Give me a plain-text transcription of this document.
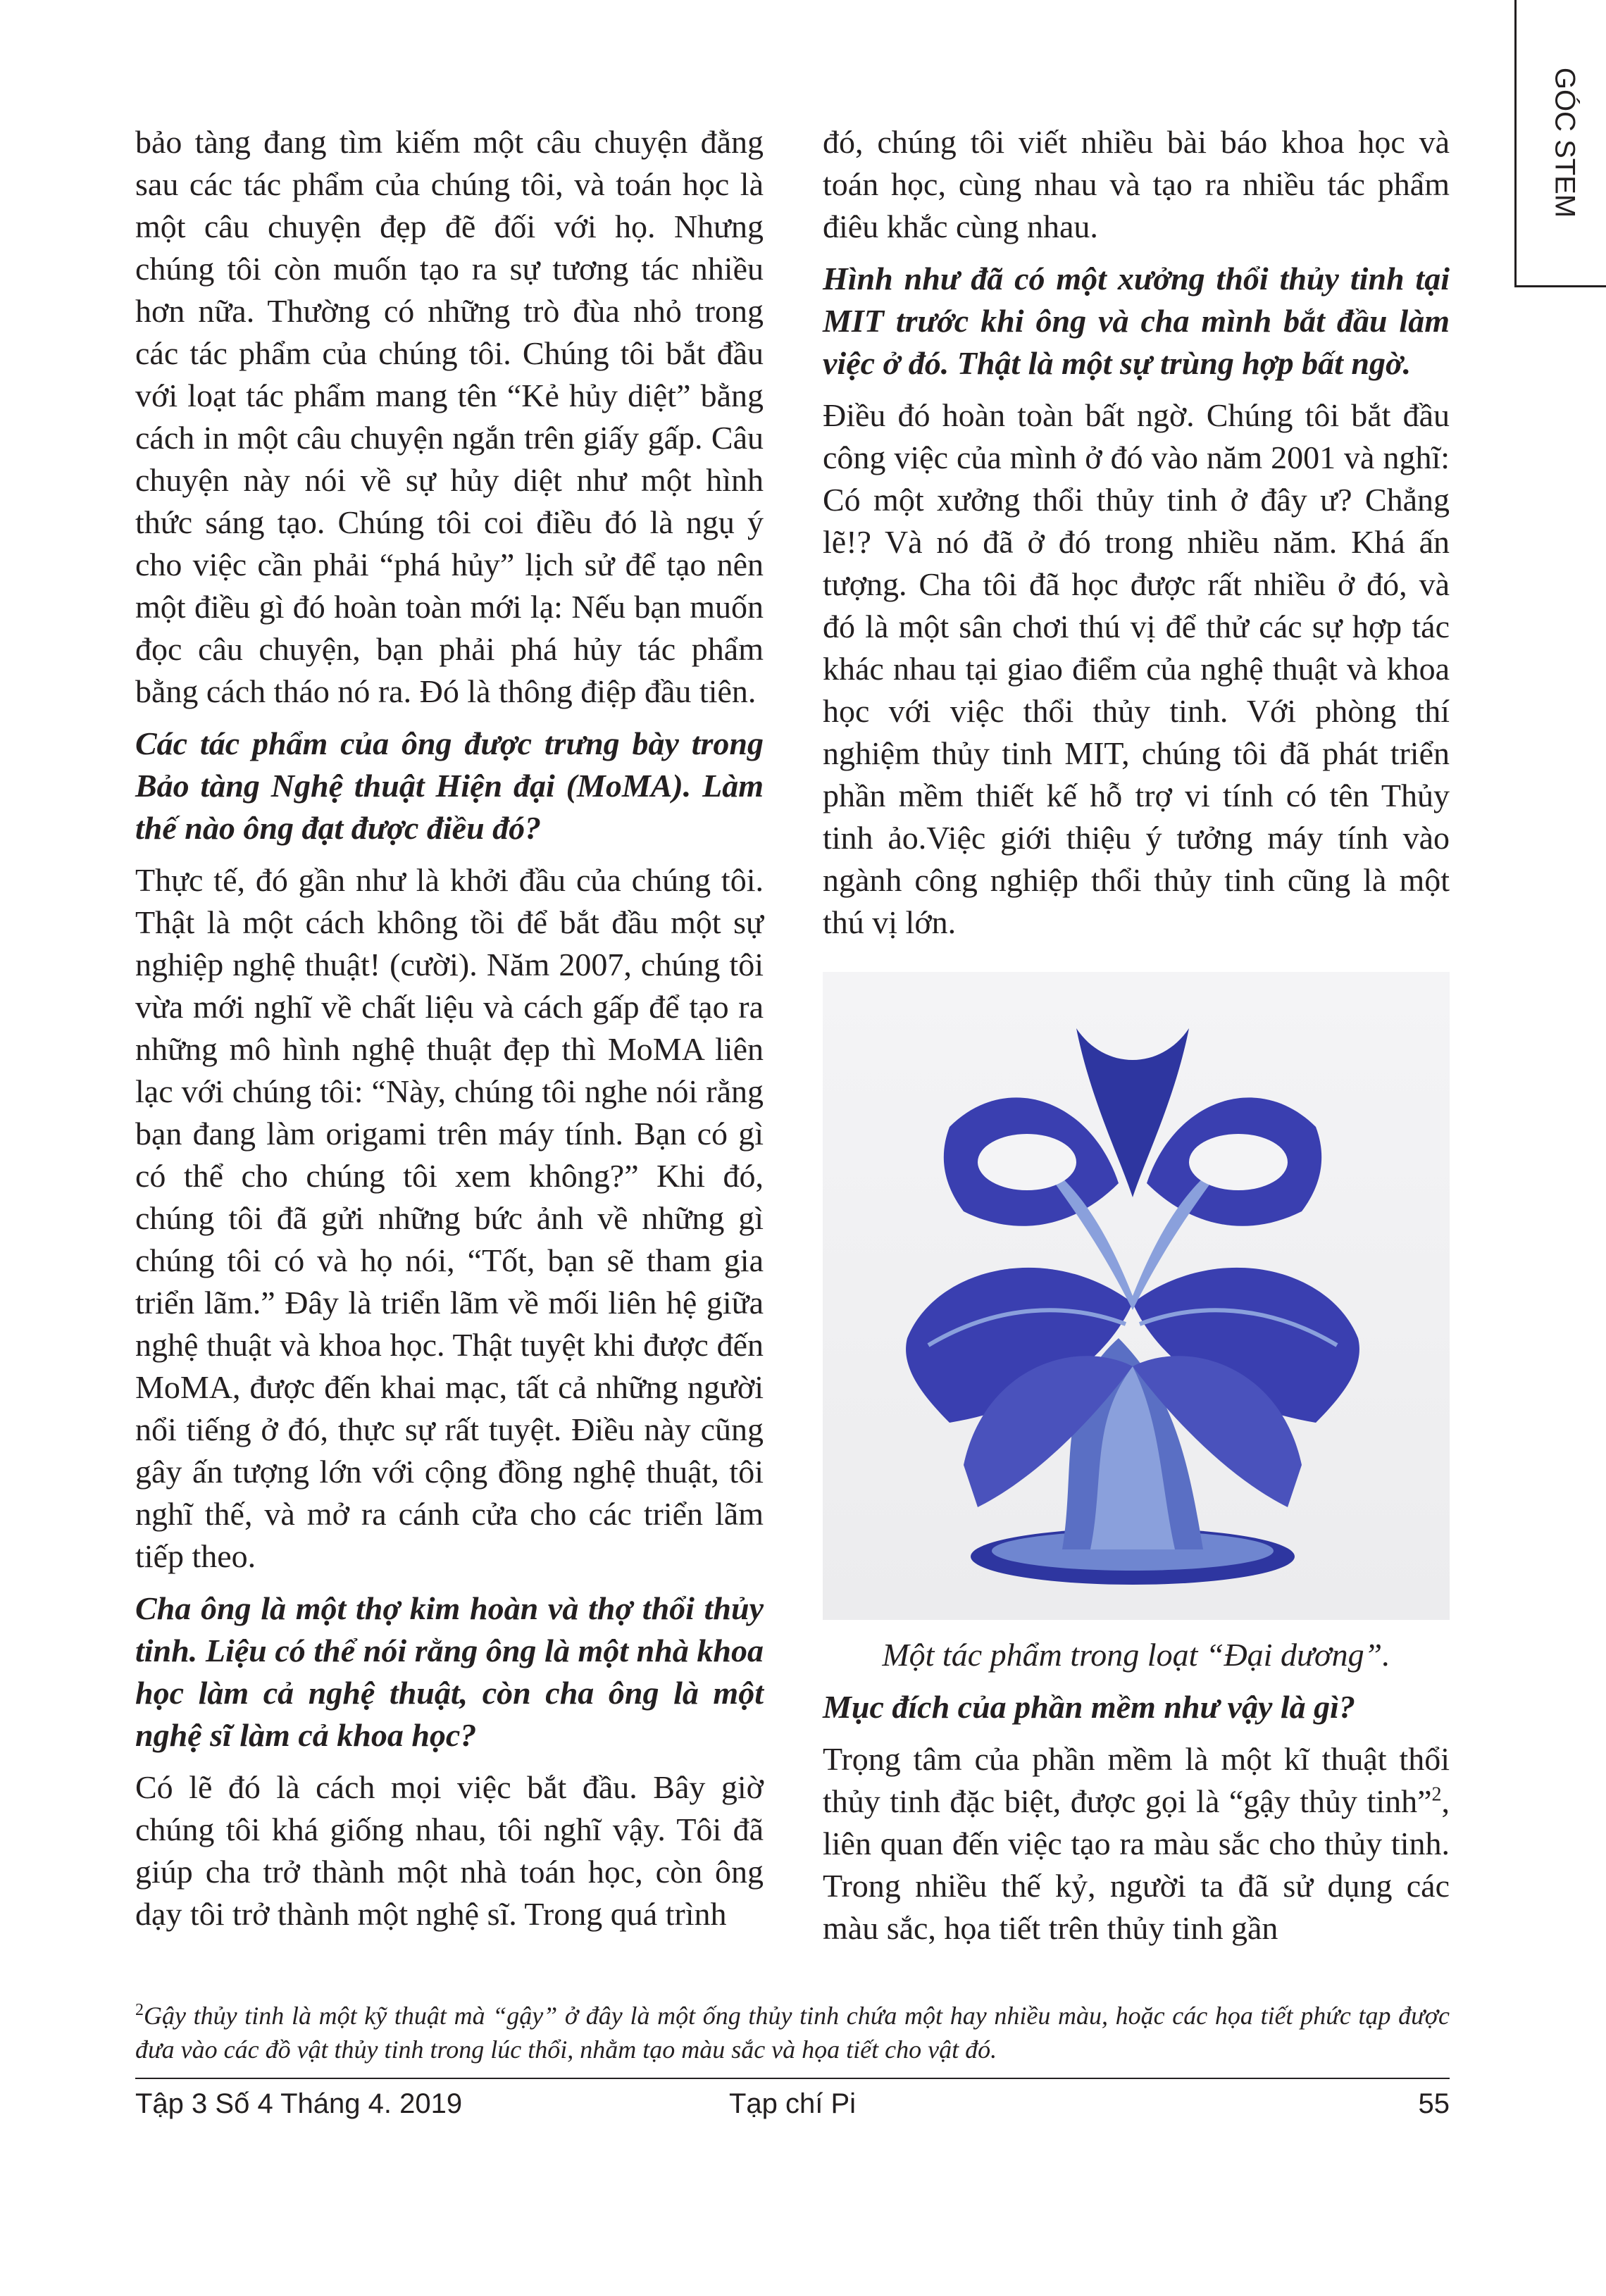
GÓC STEM

bảo tàng đang tìm kiếm một câu chuyện đằng sau các tác phẩm của chúng tôi, và toán học là một câu chuyện đẹp đẽ đối với họ. Nhưng chúng tôi còn muốn tạo ra sự tương tác nhiều hơn nữa. Thường có những trò đùa nhỏ trong các tác phẩm của chúng tôi. Chúng tôi bắt đầu với loạt tác phẩm mang tên “Kẻ hủy diệt” bằng cách in một câu chuyện ngắn trên giấy gấp. Câu chuyện này nói về sự hủy diệt như một hình thức sáng tạo. Chúng tôi coi điều đó là ngụ ý cho việc cần phải “phá hủy” lịch sử để tạo nên một điều gì đó hoàn toàn mới lạ: Nếu bạn muốn đọc câu chuyện, bạn phải phá hủy tác phẩm bằng cách tháo nó ra. Đó là thông điệp đầu tiên.

Các tác phẩm của ông được trưng bày trong Bảo tàng Nghệ thuật Hiện đại (MoMA). Làm thế nào ông đạt được điều đó?

Thực tế, đó gần như là khởi đầu của chúng tôi. Thật là một cách không tồi để bắt đầu một sự nghiệp nghệ thuật! (cười). Năm 2007, chúng tôi vừa mới nghĩ về chất liệu và cách gấp để tạo ra những mô hình nghệ thuật đẹp thì MoMA liên lạc với chúng tôi: “Này, chúng tôi nghe nói rằng bạn đang làm origami trên máy tính. Bạn có gì có thể cho chúng tôi xem không?” Khi đó, chúng tôi đã gửi những bức ảnh về những gì chúng tôi có và họ nói, “Tốt, bạn sẽ tham gia triển lãm.” Đây là triển lãm về mối liên hệ giữa nghệ thuật và khoa học. Thật tuyệt khi được đến MoMA, được đến khai mạc, tất cả những người nổi tiếng ở đó, thực sự rất tuyệt. Điều này cũng gây ấn tượng lớn với cộng đồng nghệ thuật, tôi nghĩ thế, và mở ra cánh cửa cho các triển lãm tiếp theo.

Cha ông là một thợ kim hoàn và thợ thổi thủy tinh. Liệu có thể nói rằng ông là một nhà khoa học làm cả nghệ thuật, còn cha ông là một nghệ sĩ làm cả khoa học?

Có lẽ đó là cách mọi việc bắt đầu. Bây giờ chúng tôi khá giống nhau, tôi nghĩ vậy. Tôi đã giúp cha trở thành một nhà toán học, còn ông dạy tôi trở thành một nghệ sĩ. Trong quá trình

đó, chúng tôi viết nhiều bài báo khoa học và toán học, cùng nhau và tạo ra nhiều tác phẩm điêu khắc cùng nhau.

Hình như đã có một xưởng thổi thủy tinh tại MIT trước khi ông và cha mình bắt đầu làm việc ở đó. Thật là một sự trùng hợp bất ngờ.

Điều đó hoàn toàn bất ngờ. Chúng tôi bắt đầu công việc của mình ở đó vào năm 2001 và nghĩ: Có một xưởng thổi thủy tinh ở đây ư? Chẳng lẽ!? Và nó đã ở đó trong nhiều năm. Khá ấn tượng. Cha tôi đã học được rất nhiều ở đó, và đó là một sân chơi thú vị để thử các sự hợp tác khác nhau tại giao điểm của nghệ thuật và khoa học với việc thổi thủy tinh. Với phòng thí nghiệm thủy tinh MIT, chúng tôi đã phát triển phần mềm thiết kế hỗ trợ vi tính có tên Thủy tinh ảo.Việc giới thiệu ý tưởng máy tính vào ngành công nghiệp thổi thủy tinh cũng là một thú vị lớn.

Một tác phẩm trong loạt “Đại dương”.

Mục đích của phần mềm như vậy là gì?

Trọng tâm của phần mềm là một kĩ thuật thổi thủy tinh đặc biệt, được gọi là “gậy thủy tinh”$^2$, liên quan đến việc tạo ra màu sắc cho thủy tinh. Trong nhiều thế kỷ, người ta đã sử dụng các màu sắc, họa tiết trên thủy tinh gần

$^2$Gậy thủy tinh là một kỹ thuật mà “gậy” ở đây là một ống thủy tinh chứa một hay nhiều màu, hoặc các họa tiết phức tạp được đưa vào các đồ vật thủy tinh trong lúc thổi, nhằm tạo màu sắc và họa tiết cho vật đó.
Tập 3 Số 4 Tháng 4. 2019	Tạp chí Pi	55
